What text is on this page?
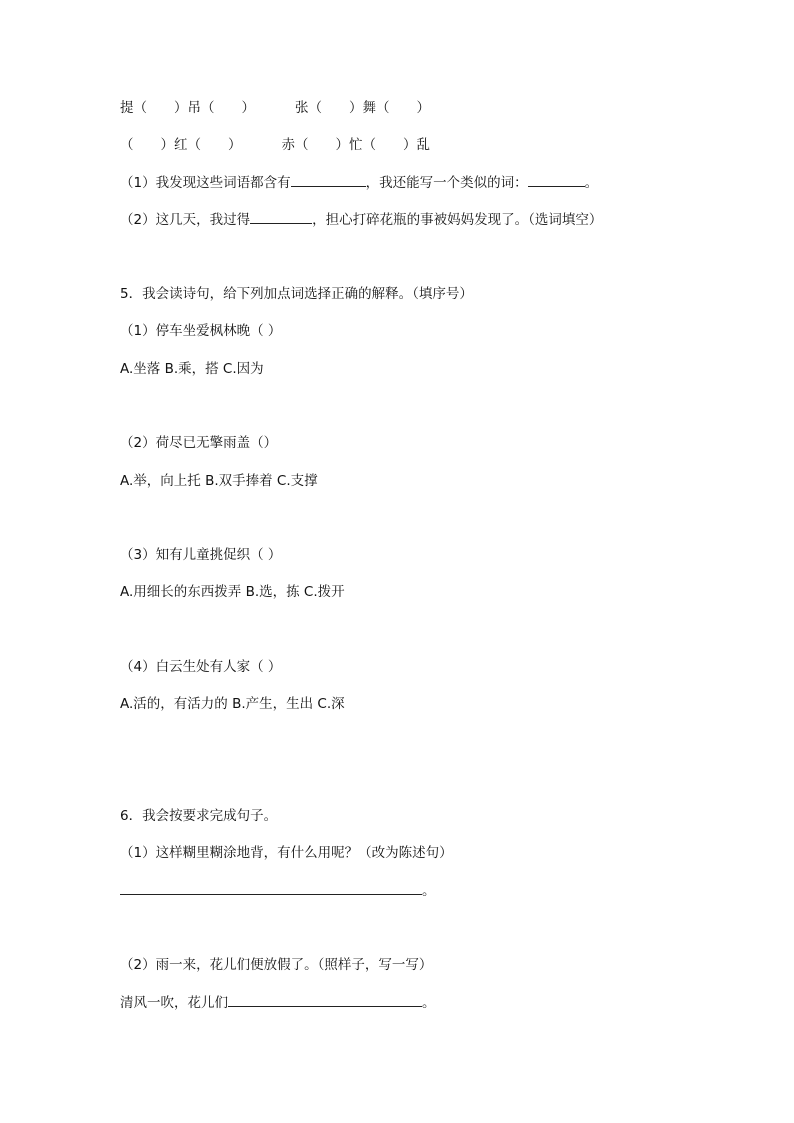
提（　　）吊（　　）	张（　　）舞（　　）
（　　）红（　　）	赤（　　）忙（　　）乱
（1）我发现这些词语都含有	，我还能写一个类似的词：	。
（2）这几天，我过得	，担心打碎花瓶的事被妈妈发现了。（选词填空）
5．我会读诗句，给下列加点词选择正确的解释。（填序号）
（1）停车坐爱枫林晚（ ）
A.坐落 B.乘，搭 C.因为
（2）荷尽已无擎雨盖（）
A.举，向上托 B.双手捧着 C.支撑
（3）知有儿童挑促织（ ）
A.用细长的东西拨弄 B.选，拣 C.拨开
（4）白云生处有人家（ ）
A.活的，有活力的 B.产生，生出 C.深
6．我会按要求完成句子。
（1）这样糊里糊涂地背，有什么用呢？（改为陈述句）
。
（2）雨一来，花儿们便放假了。（照样子，写一写）
清风一吹，花儿们	。
